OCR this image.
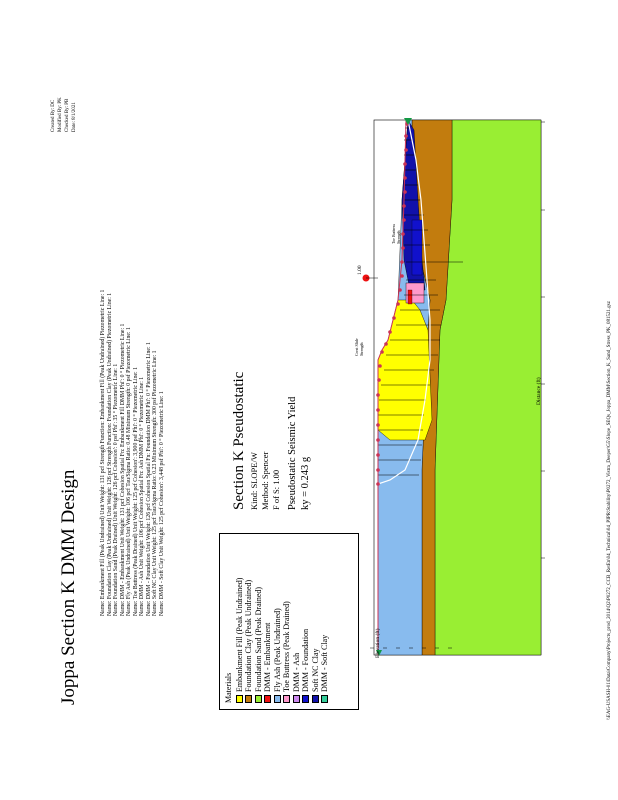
Joppa Section K DMM Design	Name: Embankment Fill (Peak Undrained) Unit Weight: 131 pcf Strength Function: Embankment Fill (Peak Undrained) Piezometric Line: 1 Name: Foundation Clay (Peak Undrained) Unit Weight: 126 pcf Strength Function: Foundation Clay (Peak Undrained) Piezometric Line: 1 Name: Foundation Sand (Peak Drained) Unit Weight: 126 pcf Cohesion': 0 psf Phi': 35 ° Piezometric Line: 1 Name: DMM - Embankment Unit Weight: 131 pcf Cohesion Spatial Fn: Embankment Fill DMM Phi': 0 ° Piezometric Line: 1 Name: Fly Ash (Peak Undrained) Unit Weight: 106 pcf Tau/Sigma Ratio: 0.48 Minimum Strength: 0 psf Piezometric Line: 1 Name: Toe Buttress (Peak Drained) Unit Weight: 125 pcf Cohesion': 3,900 psf Phi': 0 ° Piezometric Line: 1 Name: DMM - Ash Unit Weight: 106 pcf Cohesion Spatial Fn: Ash DMM Phi': 0 ° Piezometric Line: 1 Name: DMM - Foundation Unit Weight: 126 pcf Cohesion Spatial Fn: Foundation DMM Phi': 0 ° Piezometric Line: 1 Name: Soft NC Clay Unit Weight: 125 pcf Tau/Sigma Ratio: 0.23 Minimum Strength: 300 psf Piezometric Line: 1 Name: DMM - Soft Clay Unit Weight: 125 pcf Cohesion': 3,448 psf Phi': 0 ° Piezometric Line: 1
Created By: DC Modified By: PK Checked By: PB Date: 8/1/2021
Section K Pseudostatic Kind: SLOPE/W Method: Spencer F of S: 1.00 Pseudostatic Seismic Yield ky = 0.243 g
Materials Embankment Fill (Peak Undrained) Foundation Clay (Peak Undrained) Foundation Sand (Peak Drained) DMM - Embankment Fly Ash (Peak Undrained) Toe Buttress (Peak Drained) DMM - Ash DMM - Foundation Soft NC Clay DMM - Soft Clay
Distance (ft)
Elevation (ft)
1.00
Crest Slide Strength
Toe Buttress Strength
\\EAG-USASH-01\Data\Company\Projects_prod_2014\Q2\P0272_CCB_RetEn\04_Technical\04_PIPR\Stability\P0272_Vistra_Deeper\G5\Slope_SEQs_Joppa_DMM\Section_K_Sand_Stress_PK_081521.gsz
